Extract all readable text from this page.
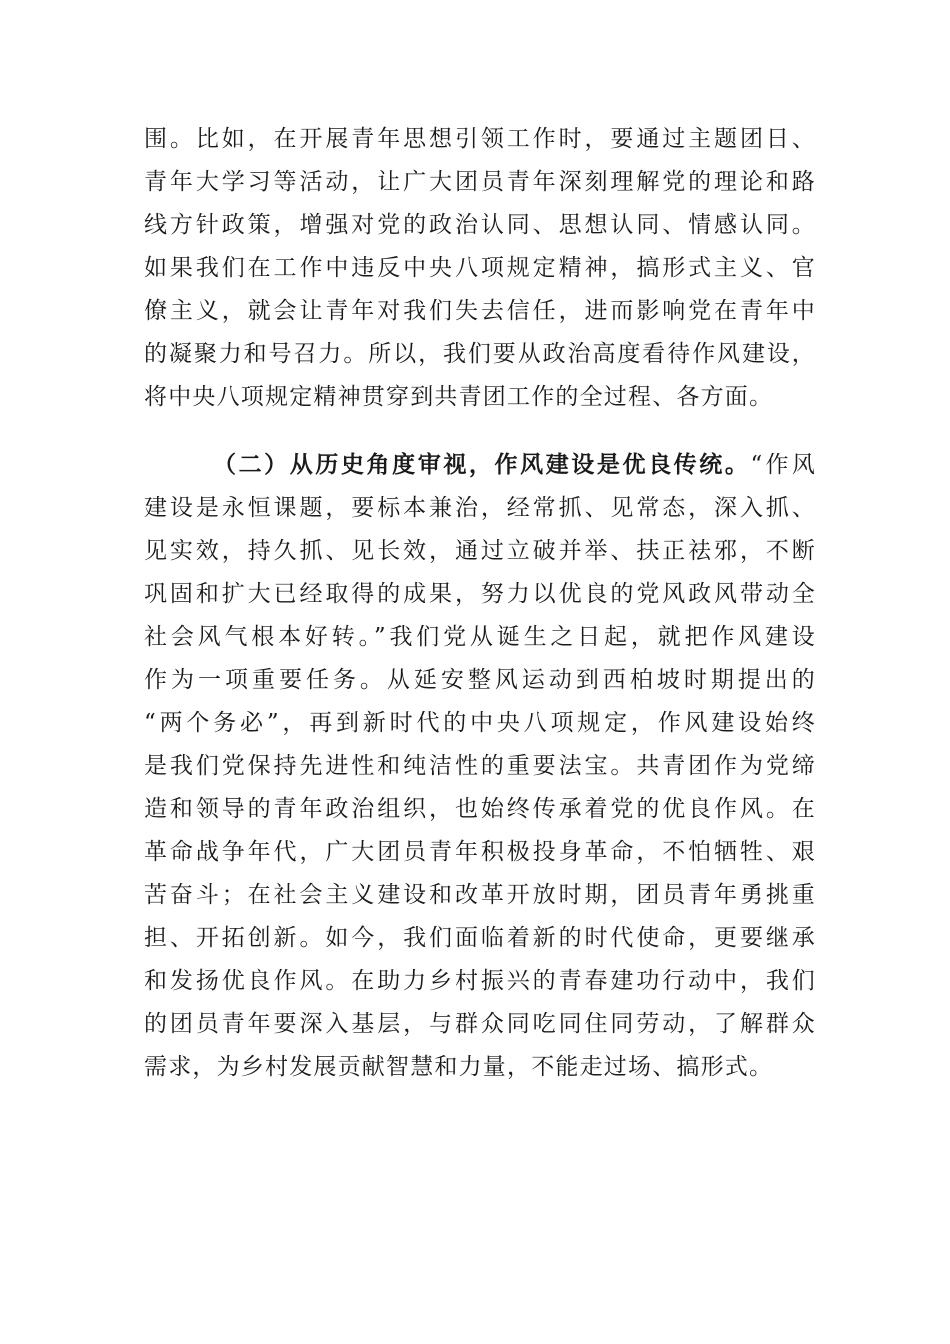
围。比如，在开展青年思想引领工作时，要通过主题团日、
青年大学习等活动，让广大团员青年深刻理解党的理论和路
线方针政策，增强对党的政治认同、思想认同、情感认同。
如果我们在工作中违反中央八项规定精神，搞形式主义、官
僚主义，就会让青年对我们失去信任，进而影响党在青年中
的凝聚力和号召力。所以，我们要从政治高度看待作风建设，
将中央八项规定精神贯穿到共青团工作的全过程、各方面。
（二）从历史角度审视，作风建设是优良传统。“作风
建设是永恒课题，要标本兼治，经常抓、见常态，深入抓、
见实效，持久抓、见长效，通过立破并举、扶正祛邪，不断
巩固和扩大已经取得的成果，努力以优良的党风政风带动全
社会风气根本好转。”我们党从诞生之日起，就把作风建设
作为一项重要任务。从延安整风运动到西柏坡时期提出的
“两个务必”，再到新时代的中央八项规定，作风建设始终
是我们党保持先进性和纯洁性的重要法宝。共青团作为党缔
造和领导的青年政治组织，也始终传承着党的优良作风。在
革命战争年代，广大团员青年积极投身革命，不怕牺牲、艰
苦奋斗；在社会主义建设和改革开放时期，团员青年勇挑重
担、开拓创新。如今，我们面临着新的时代使命，更要继承
和发扬优良作风。在助力乡村振兴的青春建功行动中，我们
的团员青年要深入基层，与群众同吃同住同劳动，了解群众
需求，为乡村发展贡献智慧和力量，不能走过场、搞形式。
